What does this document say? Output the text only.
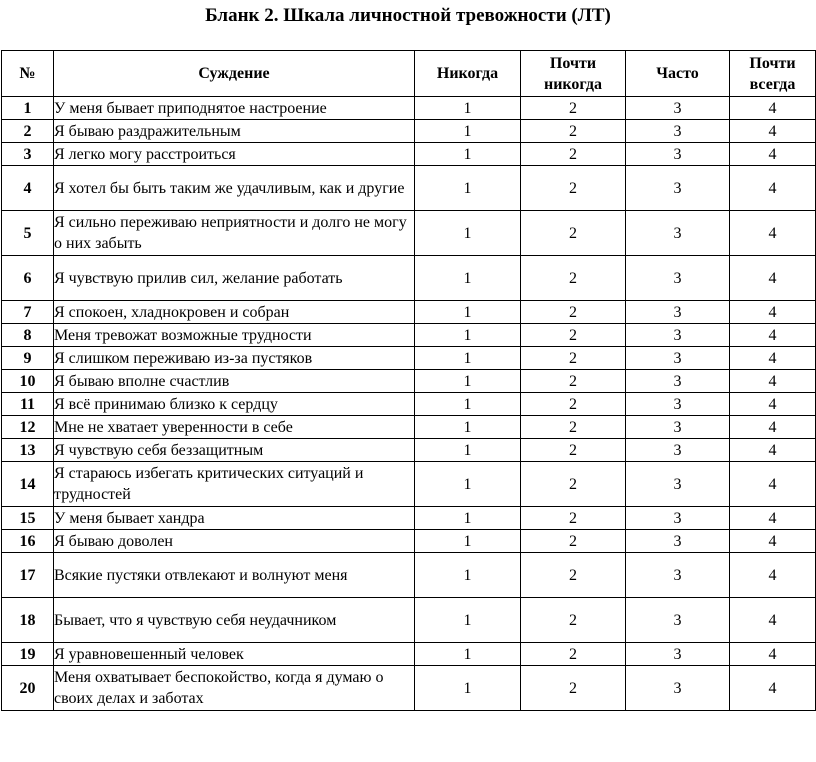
Бланк 2. Шкала личностной тревожности (ЛТ)
№	Суждение	Никогда	Почти никогда	Часто	Почти всегда
1	У меня бывает приподнятое настроение	1	2	3	4
2	Я бываю раздражительным	1	2	3	4
3	Я легко могу расстроиться	1	2	3	4
4	Я хотел бы быть таким же удачливым, как и другие	1	2	3	4
5	Я сильно переживаю неприятности и долго не могу о них забыть	1	2	3	4
6	Я чувствую прилив сил, желание работать	1	2	3	4
7	Я спокоен, хладнокровен и собран	1	2	3	4
8	Меня тревожат возможные трудности	1	2	3	4
9	Я слишком переживаю из-за пустяков	1	2	3	4
10	Я бываю вполне счастлив	1	2	3	4
11	Я всё принимаю близко к сердцу	1	2	3	4
12	Мне не хватает уверенности в себе	1	2	3	4
13	Я чувствую себя беззащитным	1	2	3	4
14	Я стараюсь избегать критических ситуаций и трудностей	1	2	3	4
15	У меня бывает хандра	1	2	3	4
16	Я бываю доволен	1	2	3	4
17	Всякие пустяки отвлекают и волнуют меня	1	2	3	4
18	Бывает, что я чувствую себя неудачником	1	2	3	4
19	Я уравновешенный человек	1	2	3	4
20	Меня охватывает беспокойство, когда я думаю о своих делах и заботах	1	2	3	4
